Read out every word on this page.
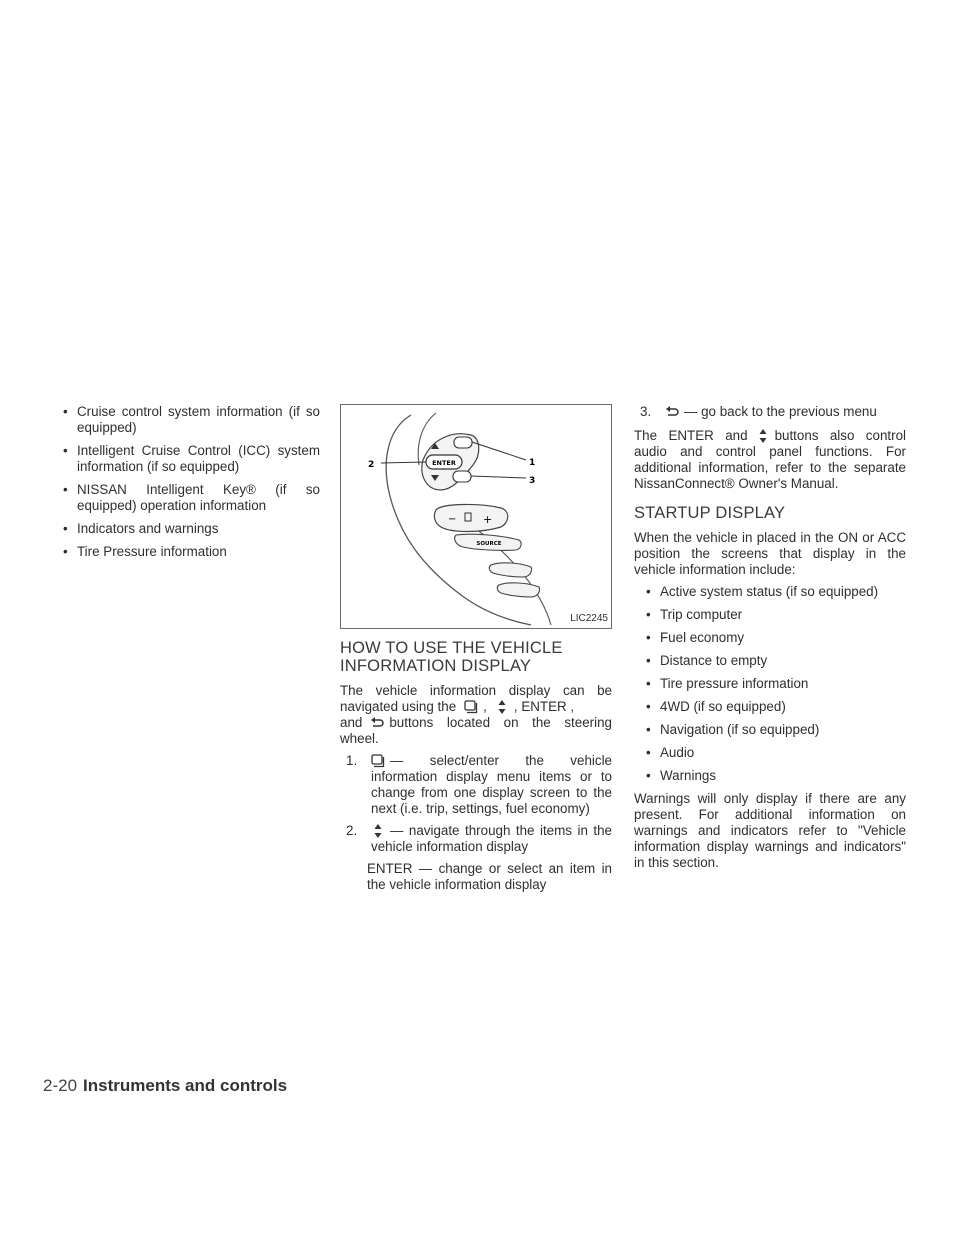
• Cruise control system information (if so equipped)
• Intelligent Cruise Control (ICC) system information (if so equipped)
• NISSAN Intelligent Key® (if so equipped) operation information
• Indicators and warnings
• Tire Pressure information
ENTER	1
2
3
− +
SOURCE
LIC2245
HOW TO USE THE VEHICLE INFORMATION DISPLAY

The vehicle information display can be navigated using the , , ENTER ,
and buttons located on the steering wheel.

1. — select/enter the vehicle information display menu items or to change from one display screen to the next (i.e. trip, settings, fuel economy)
2. — navigate through the items in the vehicle information display
ENTER — change or select an item in the vehicle information display
3. — go back to the previous menu

The ENTER and buttons also control audio and control panel functions. For additional information, refer to the separate NissanConnect® Owner's Manual.

STARTUP DISPLAY

When the vehicle in placed in the ON or ACC position the screens that display in the vehicle information include:

• Active system status (if so equipped)
• Trip computer
• Fuel economy
• Distance to empty
• Tire pressure information
• 4WD (if so equipped)
• Navigation (if so equipped)
• Audio
• Warnings

Warnings will only display if there are any present. For additional information on warnings and indicators refer to "Vehicle information display warnings and indicators" in this section.

2-20 Instruments and controls
